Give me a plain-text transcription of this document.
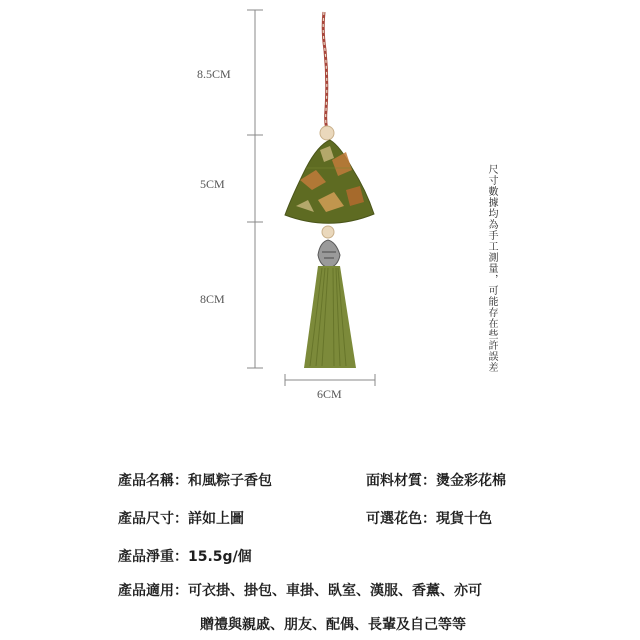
8.5CM
5CM
8CM
6CM
尺寸數據均為手工測量，可能存在些許誤差
產品名稱：和風粽子香包	面料材質：燙金彩花棉
產品尺寸：詳如上圖	可選花色：現貨十色
產品淨重：15.5g/個
產品適用：可衣掛、掛包、車掛、臥室、漢服、香薰、亦可
贈禮與親戚、朋友、配偶、長輩及自己等等
